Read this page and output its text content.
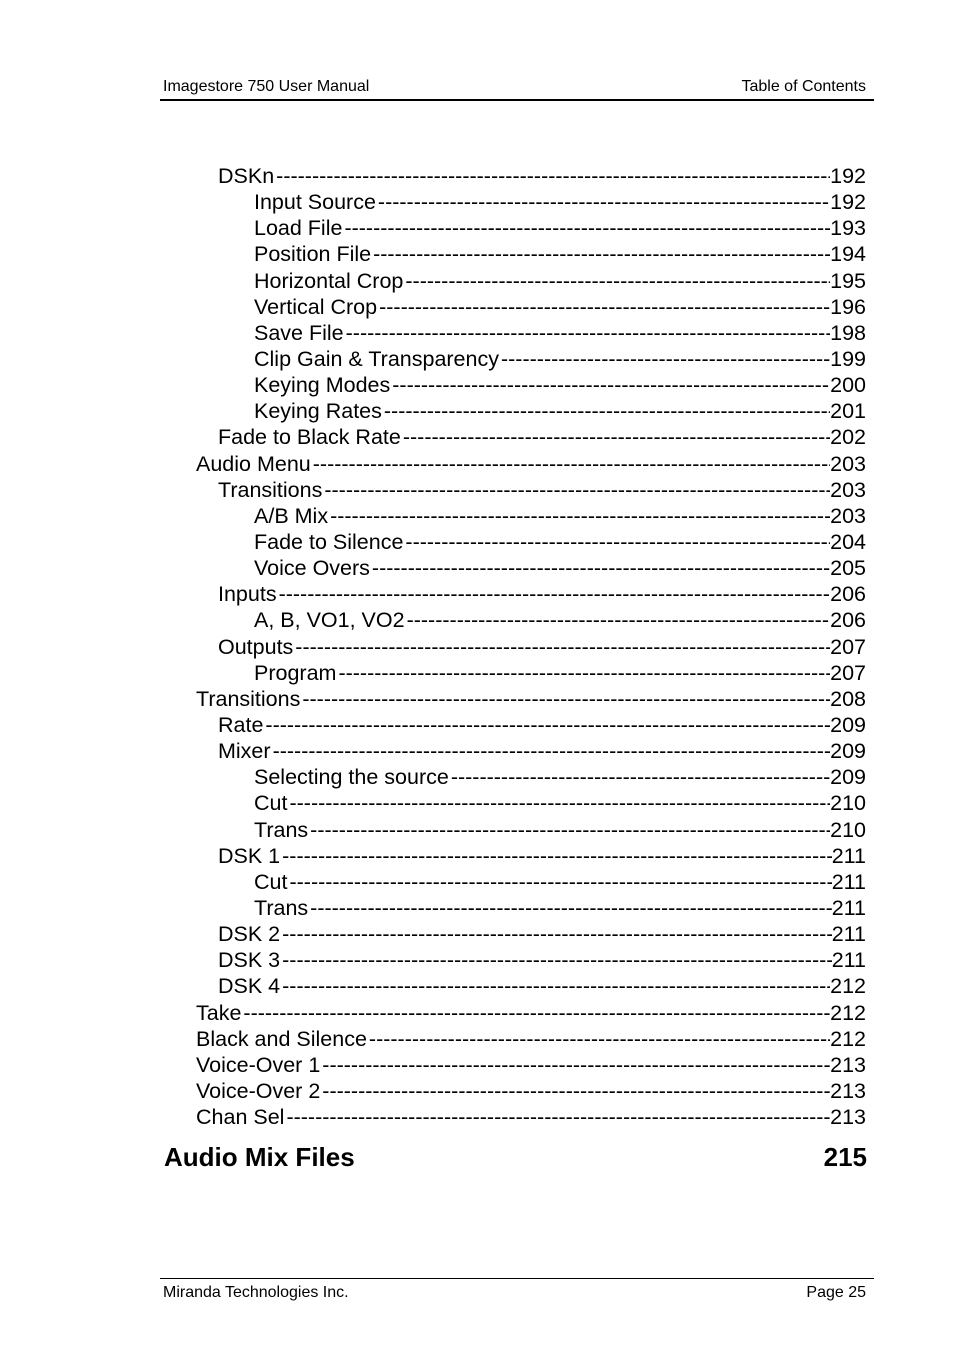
Imagestore 750 User Manual	Table of Contents
DSKn -----	192
Input Source -----	192
Load File -----	193
Position File -----	194
Horizontal Crop -----	195
Vertical Crop -----	196
Save File -----	198
Clip Gain & Transparency -----	199
Keying Modes -----	200
Keying Rates -----	201
Fade to Black Rate -----	202
Audio Menu -----	203
Transitions -----	203
A/B Mix -----	203
Fade to Silence -----	204
Voice Overs -----	205
Inputs -----	206
A, B, VO1, VO2 -----	206
Outputs -----	207
Program -----	207
Transitions -----	208
Rate -----	209
Mixer -----	209
Selecting the source -----	209
Cut -----	210
Trans -----	210
DSK 1 -----	211
Cut -----	211
Trans -----	211
DSK 2 -----	211
DSK 3 -----	211
DSK 4 -----	212
Take -----	212
Black and Silence -----	212
Voice-Over 1 -----	213
Voice-Over 2 -----	213
Chan Sel -----	213
Audio Mix Files	215
Miranda Technologies Inc.	Page 25
